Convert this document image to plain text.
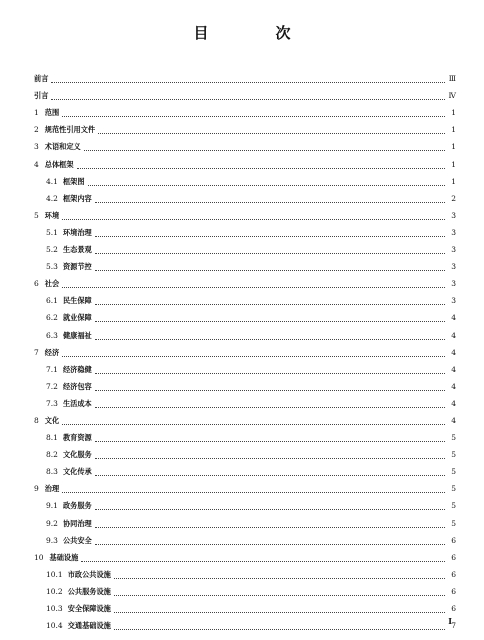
目　次
前言	Ⅲ
引言	Ⅳ
1 范围	1
2 规范性引用文件	1
3 术语和定义	1
4 总体框架	1
4.1 框架图	1
4.2 框架内容	2
5 环境	3
5.1 环境治理	3
5.2 生态景观	3
5.3 资源节控	3
6 社会	3
6.1 民生保障	3
6.2 就业保障	4
6.3 健康福祉	4
7 经济	4
7.1 经济稳健	4
7.2 经济包容	4
7.3 生活成本	4
8 文化	4
8.1 教育资源	5
8.2 文化服务	5
8.3 文化传承	5
9 治理	5
9.1 政务服务	5
9.2 协同治理	5
9.3 公共安全	6
10 基础设施	6
10.1 市政公共设施	6
10.2 公共服务设施	6
10.3 安全保障设施	6
10.4 交通基础设施	7
I
